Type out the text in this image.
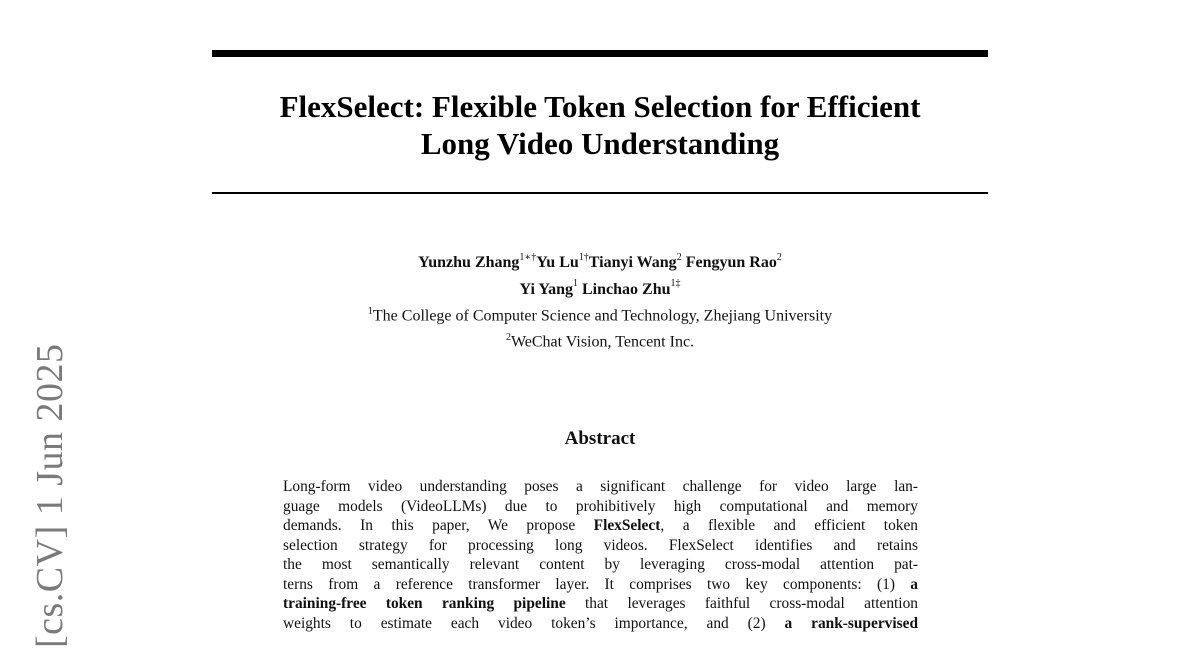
FlexSelect: Flexible Token Selection for Efficient
Long Video Understanding
Yunzhu Zhang$^{1∗\dagger}$Yu $Lu^{1\dagger}Tianyi$ Wang$^2$ Fengyun Rao$^2$
Yi Yang$^1$ Linchao Zhu$^{1\ddagger}$
$^1$The College of Computer Science and Technology, Zhejiang University
$^2$WeChat Vision, Tencent Inc.
Abstract
Long-form video understanding poses a significant challenge for video large lan-
guage models (VideoLLMs) due to prohibitively high computational and memory
demands. In this paper, We propose FlexSelect, a flexible and efficient token
selection strategy for processing long videos. FlexSelect identifies and retains
the most semantically relevant content by leveraging cross-modal attention pat-
terns from a reference transformer layer. It comprises two key components: (1) a
training-free token ranking pipeline that leverages faithful cross-modal attention
weights to estimate each video token’s importance, and (2) a rank-supervised
[cs.CV] 1 Jun 2025
